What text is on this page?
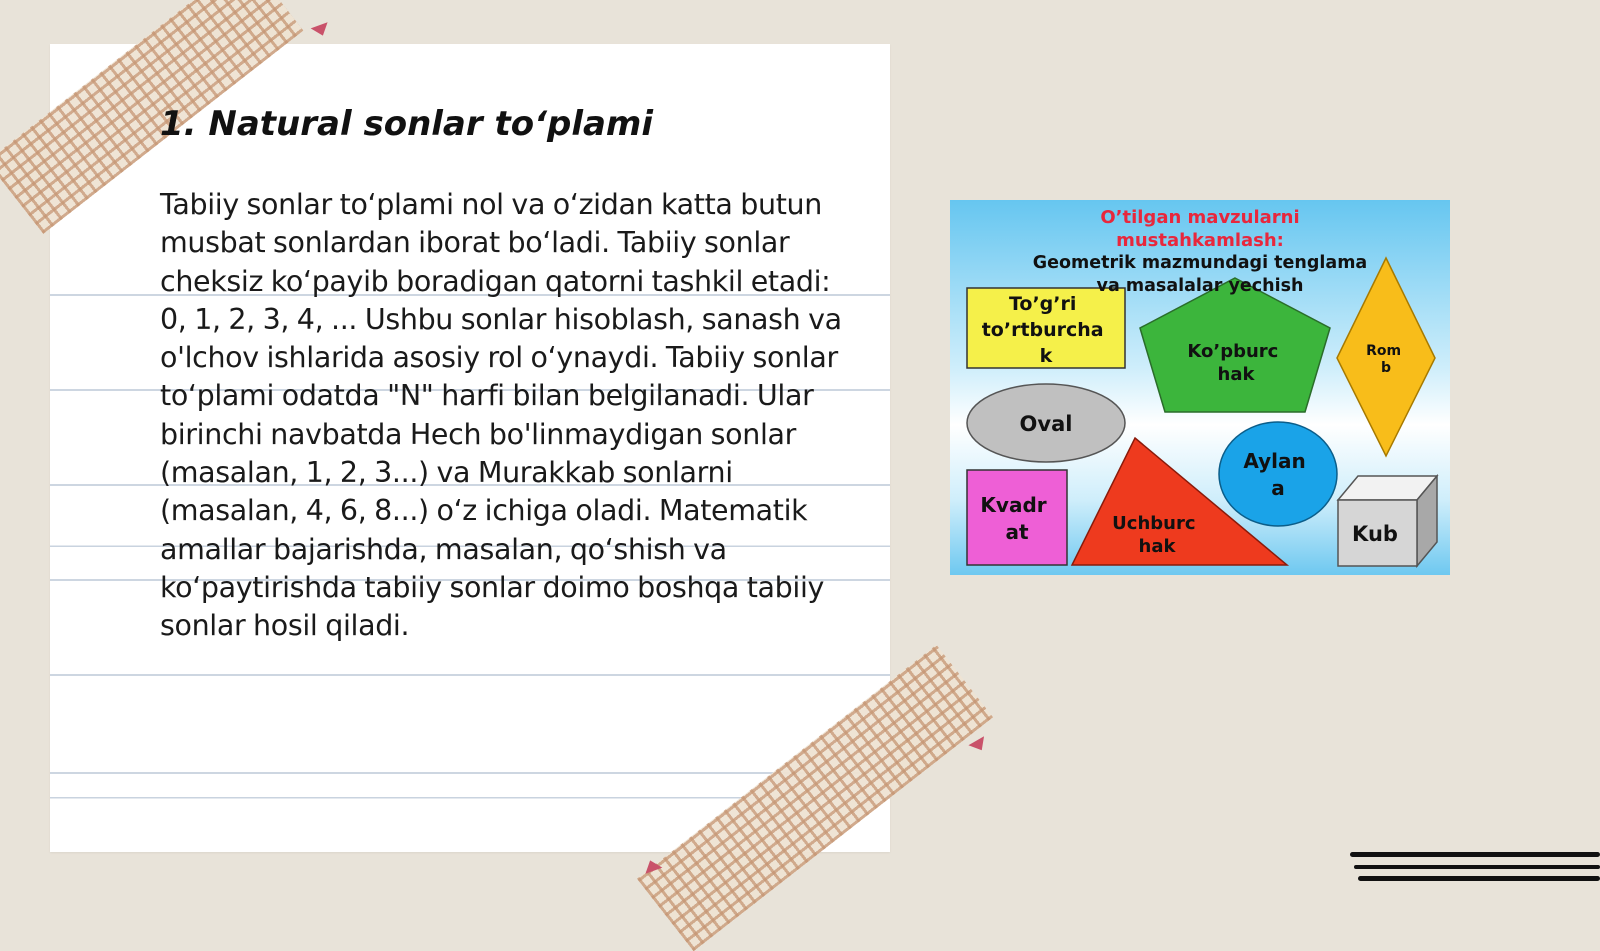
1. Natural sonlar to‘plami

Tabiiy sonlar to‘plami nol va o‘zidan katta butun musbat sonlardan iborat bo‘ladi. Tabiiy sonlar cheksiz ko‘payib boradigan qatorni tashkil etadi: 0, 1, 2, 3, 4, ... Ushbu sonlar hisoblash, sanash va o'lchov ishlarida asosiy rol o‘ynaydi. Tabiiy sonlar to‘plami odatda "N" harfi bilan belgilanadi. Ular birinchi navbatda Hech bo'linmaydigan sonlar (masalan, 1, 2, 3...) va Murakkab sonlarni (masalan, 4, 6, 8...) o‘z ichiga oladi. Matematik amallar bajarishda, masalan, qo‘shish va ko‘paytirishda tabiiy sonlar doimo boshqa tabiiy sonlar hosil qiladi.

To’g’ri to’rtburcha k	Ko’pburc hak
Rom b
Oval
Kvadr at	Uchburc hak
Aylan a
Kub
O’tilgan mavzularni
mustahkamlash:
Geometrik mazmundagi tenglama
va masalalar yechish
